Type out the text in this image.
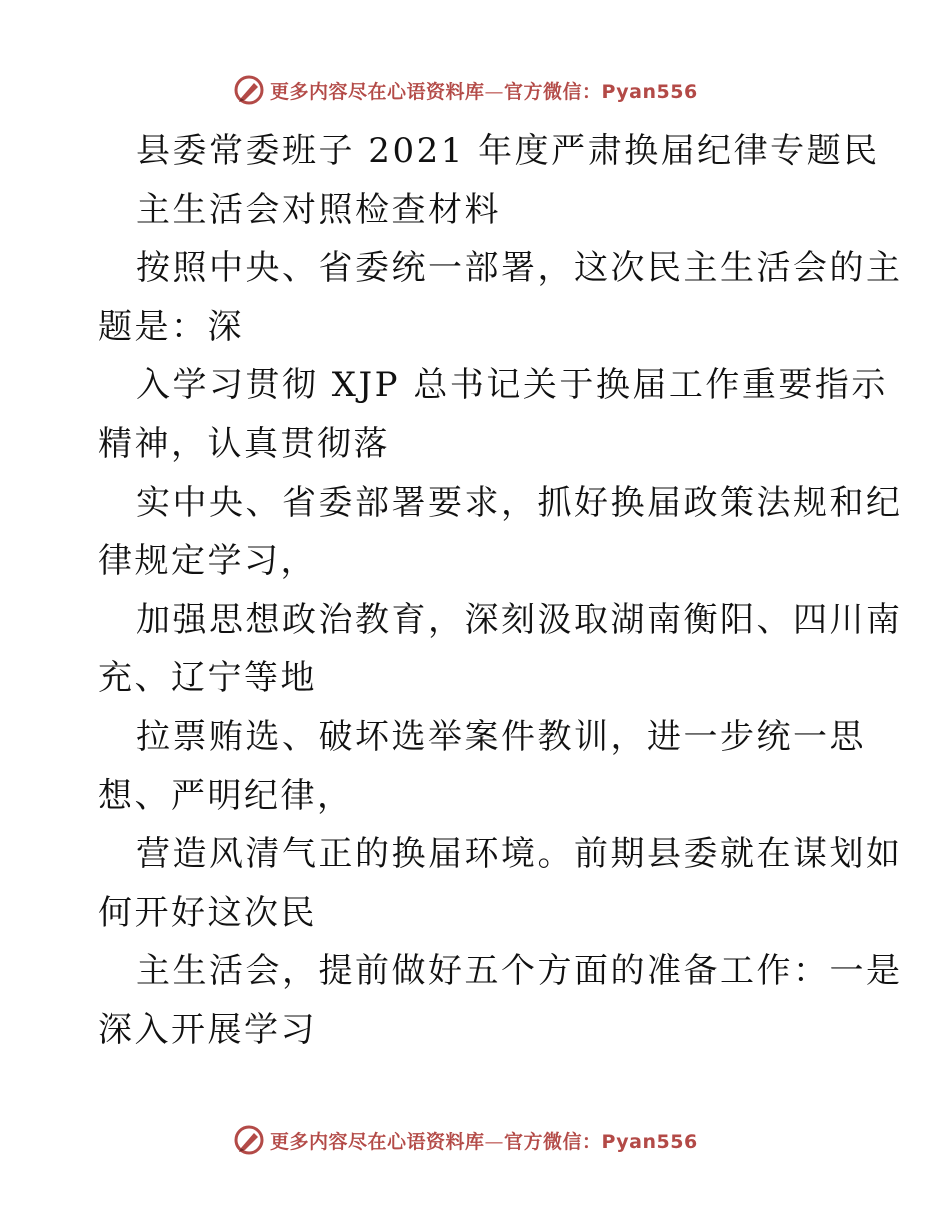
更多内容尽在心语资料库—官方微信：Pyan556
县委常委班子 2021 年度严肃换届纪律专题民
主生活会对照检查材料
按照中央、省委统一部署，这次民主生活会的主
题是：深
入学习贯彻 XJP 总书记关于换届工作重要指示
精神，认真贯彻落
实中央、省委部署要求，抓好换届政策法规和纪
律规定学习，
加强思想政治教育，深刻汲取湖南衡阳、四川南
充、辽宁等地
拉票贿选、破坏选举案件教训，进一步统一思
想、严明纪律，
营造风清气正的换届环境。前期县委就在谋划如
何开好这次民
主生活会，提前做好五个方面的准备工作：一是
深入开展学习
更多内容尽在心语资料库—官方微信：Pyan556
